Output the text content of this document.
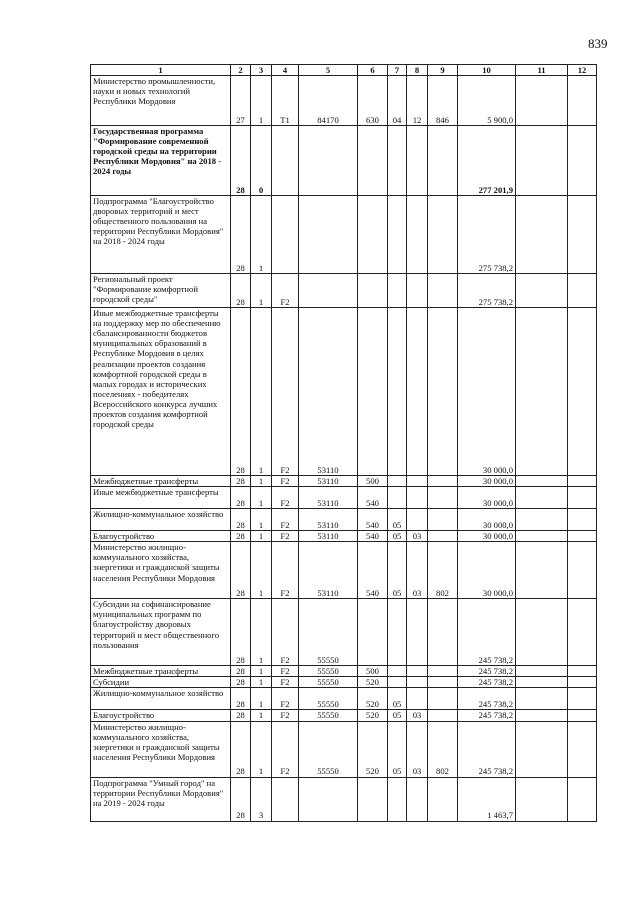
839
1	2	3	4	5	6	7	8	9	10	11	12
Министерство промышленности, науки и новых технологий Республики Мордовия	27	1	T1	84170	630	04	12	846	5 900,0		
Государственная программа "Формирование современной городской среды на территории Республики Мордовия" на 2018 - 2024 годы	28	0							277 201,9		
Подпрограмма "Благоустройство дворовых территорий и мест общественного пользования на территории Республики Мордовия" на 2018 - 2024 годы	28	1							275 738,2		
Региональный проект "Формирование комфортной городской среды"	28	1	F2						275 738,2		
Иные межбюджетные трансферты на поддержку мер по обеспечению сбалансированности бюджетов муниципальных образований в Республике Мордовия в целях реализации проектов создания комфортной городской среды в малых городах и исторических поселениях - победителях Всероссийского конкурса лучших проектов создания комфортной городской среды	28	1	F2	53110					30 000,0		
Межбюджетные трансферты	28	1	F2	53110	500				30 000,0		
Иные межбюджетные трансферты	28	1	F2	53110	540				30 000,0		
Жилищно-коммунальное хозяйство	28	1	F2	53110	540	05			30 000,0		
Благоустройство	28	1	F2	53110	540	05	03		30 000,0		
Министерство жилищно-коммунального хозяйства, энергетики и гражданской защиты населения Республики Мордовия	28	1	F2	53110	540	05	03	802	30 000,0		
Субсидии на софинансирование муниципальных программ по благоустройству дворовых территорий и мест общественного пользования	28	1	F2	55550					245 738,2		
Межбюджетные трансферты	28	1	F2	55550	500				245 738,2		
Субсидии	28	1	F2	55550	520				245 738,2		
Жилищно-коммунальное хозяйство	28	1	F2	55550	520	05			245 738,2		
Благоустройство	28	1	F2	55550	520	05	03		245 738,2		
Министерство жилищно-коммунального хозяйства, энергетики и гражданской защиты населения Республики Мордовия	28	1	F2	55550	520	05	03	802	245 738,2		
Подпрограмма "Умный город" на территории Республики Мордовия" на 2019 - 2024 годы	28	3							1 463,7		
